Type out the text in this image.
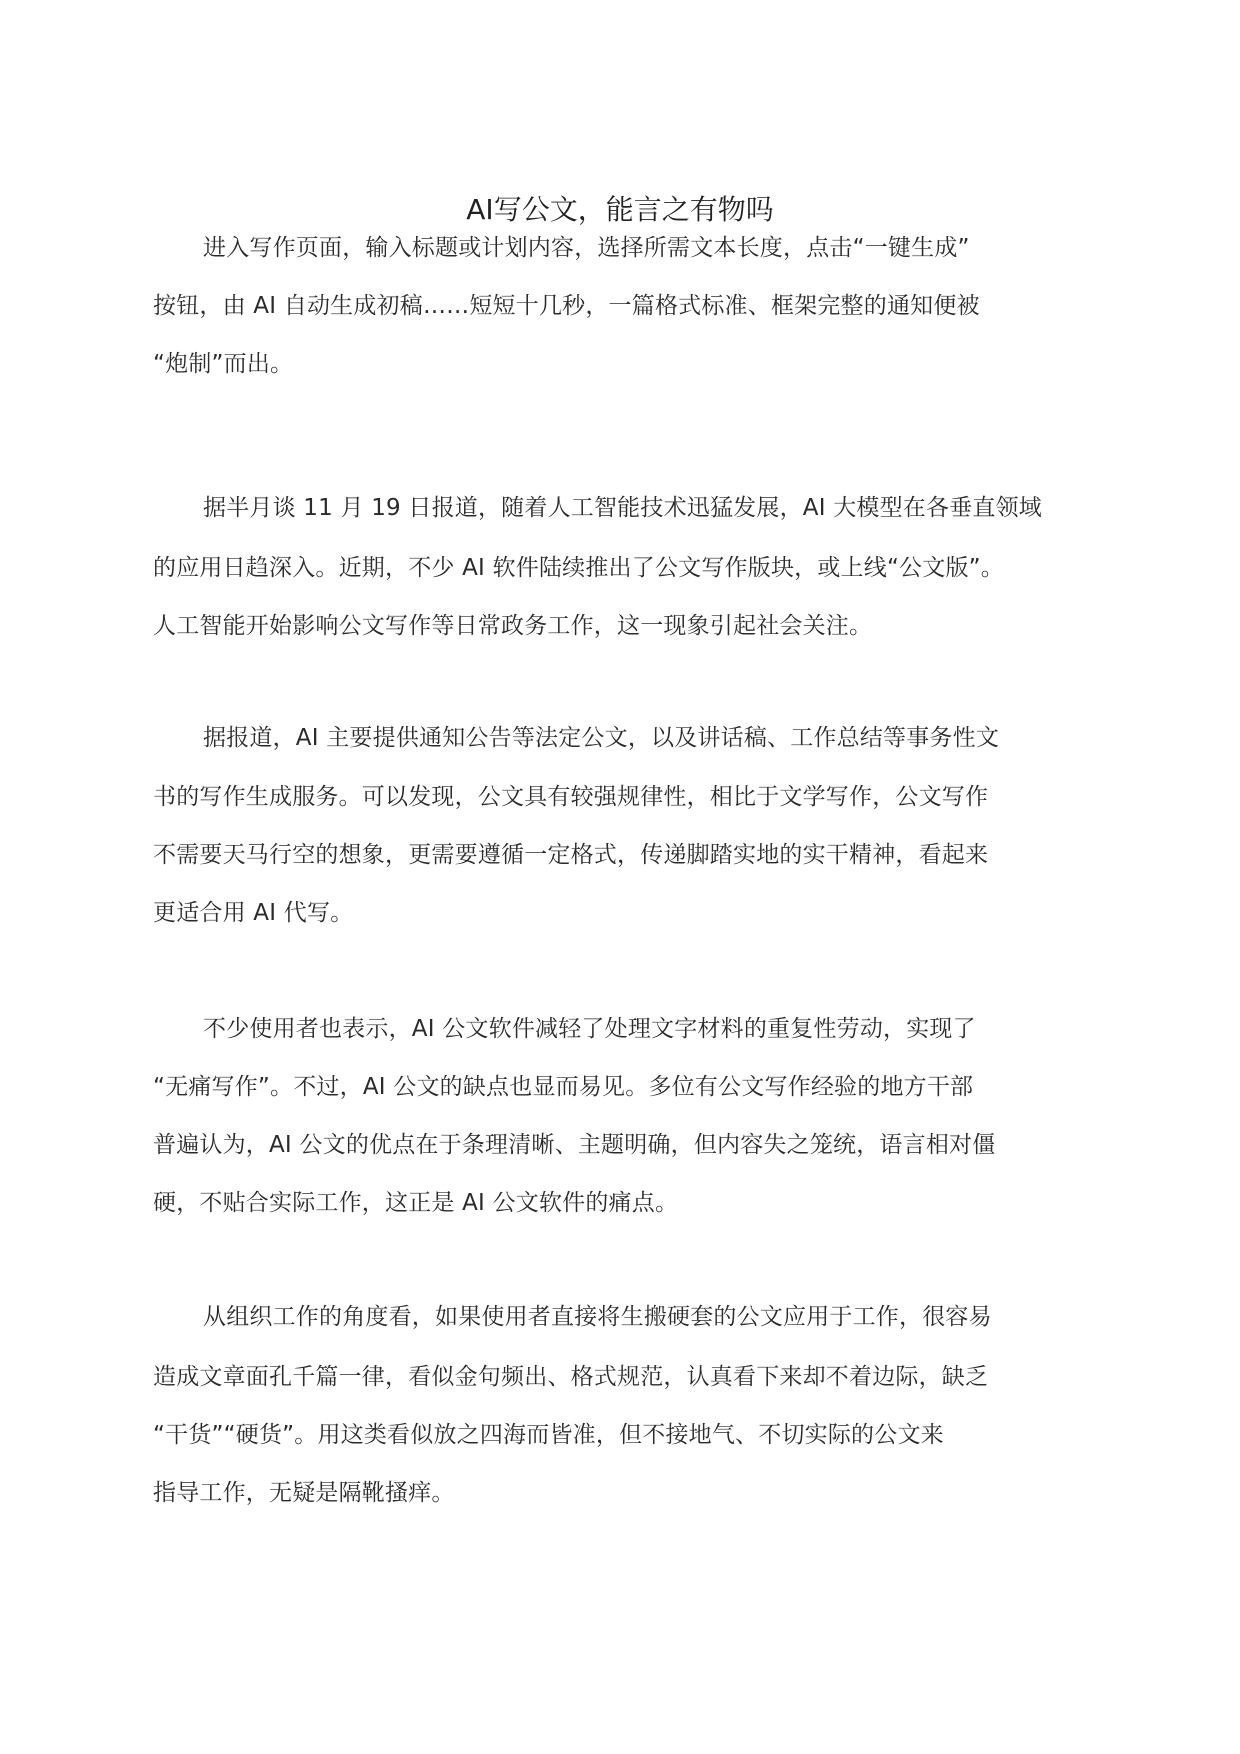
AI写公文，能言之有物吗
进入写作页面，输入标题或计划内容，选择所需文本长度，点击“一键生成”
按钮，由 AI 自动生成初稿……短短十几秒，一篇格式标准、框架完整的通知便被
“炮制”而出。
据半月谈 11 月 19 日报道，随着人工智能技术迅猛发展，AI 大模型在各垂直领域
的应用日趋深入。近期，不少 AI 软件陆续推出了公文写作版块，或上线“公文版”。
人工智能开始影响公文写作等日常政务工作，这一现象引起社会关注。
据报道，AI 主要提供通知公告等法定公文，以及讲话稿、工作总结等事务性文
书的写作生成服务。可以发现，公文具有较强规律性，相比于文学写作，公文写作
不需要天马行空的想象，更需要遵循一定格式，传递脚踏实地的实干精神，看起来
更适合用 AI 代写。
不少使用者也表示，AI 公文软件减轻了处理文字材料的重复性劳动，实现了
“无痛写作”。不过，AI 公文的缺点也显而易见。多位有公文写作经验的地方干部
普遍认为，AI 公文的优点在于条理清晰、主题明确，但内容失之笼统，语言相对僵
硬，不贴合实际工作，这正是 AI 公文软件的痛点。
从组织工作的角度看，如果使用者直接将生搬硬套的公文应用于工作，很容易
造成文章面孔千篇一律，看似金句频出、格式规范，认真看下来却不着边际，缺乏
“干货”“硬货”。用这类看似放之四海而皆准，但不接地气、不切实际的公文来
指导工作，无疑是隔靴搔痒。
